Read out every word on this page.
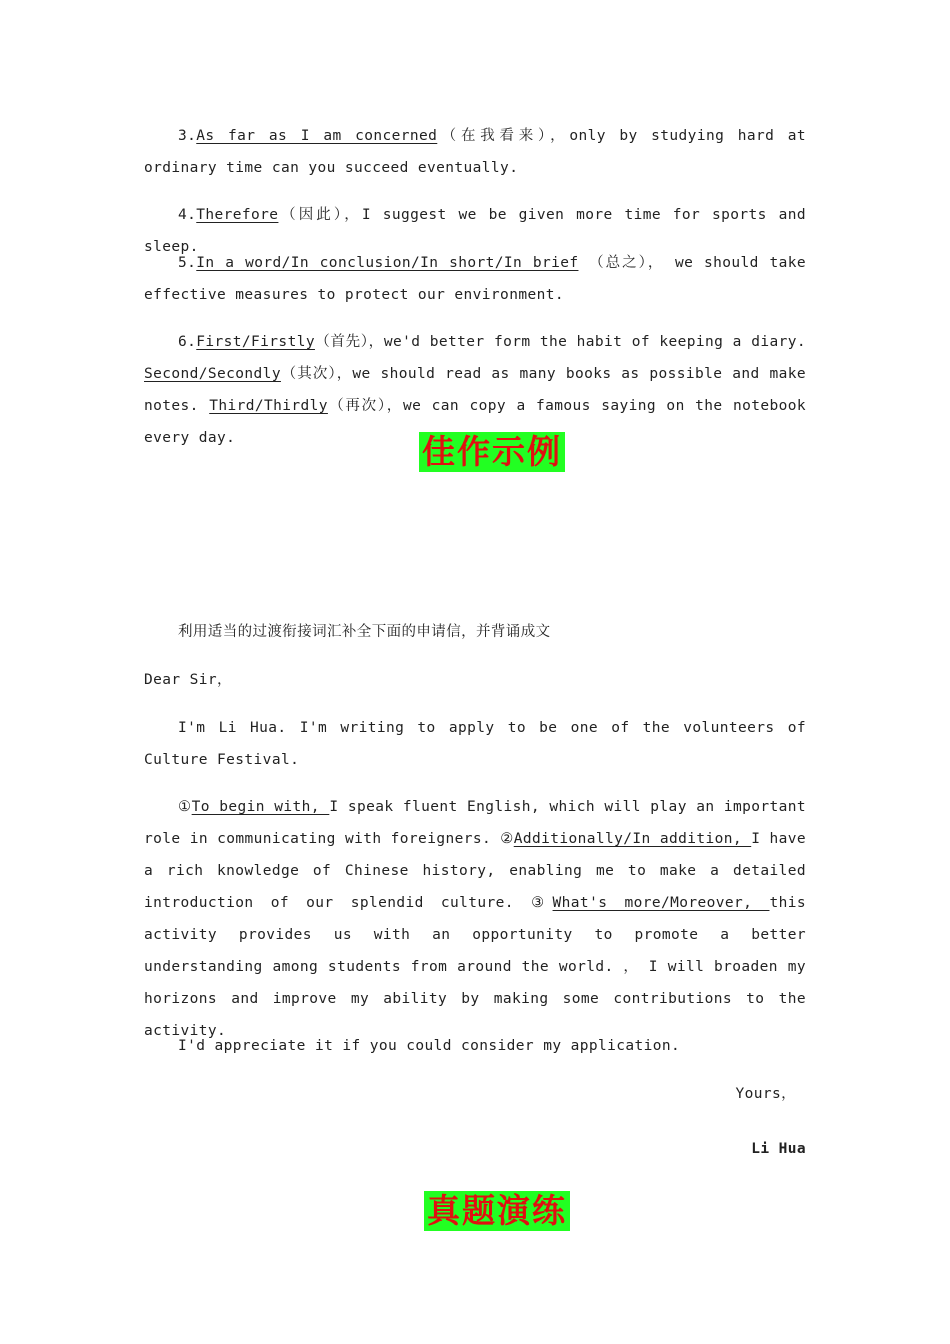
3.As far as I am concerned（在我看来），only by studying hard at ordinary time can you succeed eventually.

4.Therefore（因此），I suggest we be given more time for sports and sleep.

5.In a word/In conclusion/In short/In brief （总之）， we should take effective measures to protect our environment.

6.First/Firstly（首先），we'd better form the habit of keeping a diary. Second/Secondly（其次），we should read as many books as possible and make notes. Third/Thirdly（再次），we can copy a famous saying on the notebook every day.	佳作示例

利用适当的过渡衔接词汇补全下面的申请信，并背诵成文

Dear Sir，

I'm Li Hua. I'm writing to apply to be one of the volunteers of Culture Festival.

①To begin with, I speak fluent English, which will play an important role in communicating with foreigners. ②Additionally/In addition, I have a rich knowledge of Chinese history, enabling me to make a detailed introduction of our splendid culture. ③What's more/Moreover, this activity provides us with an opportunity to promote a better understanding among students from around the world. ， I will broaden my horizons and improve my ability by making some contributions to the activity.

I'd appreciate it if you could consider my application.

Yours，
Li Hua
真题演练
